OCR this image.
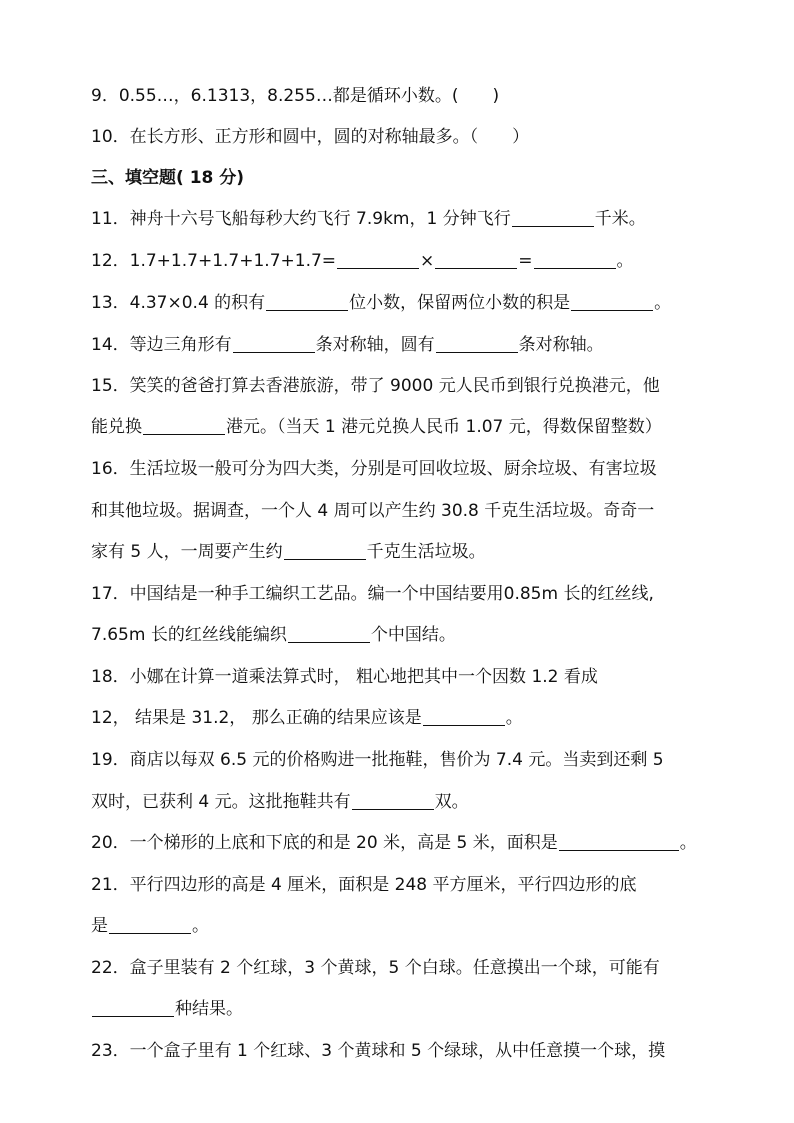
9．0.55…，6.1313，8.255…都是循环小数。( )
10．在长方形、正方形和圆中，圆的对称轴最多。（ ）
三、填空题( 18 分)
11．神舟十六号飞船每秒大约飞行 7.9km，1 分钟飞行	千米。
12．1.7+1.7+1.7+1.7+1.7=	×	=	。
13．4.37×0.4 的积有	位小数，保留两位小数的积是	。
14．等边三角形有	条对称轴，圆有	条对称轴。
15．笑笑的爸爸打算去香港旅游，带了 9000 元人民币到银行兑换港元，他
能兑换	港元。（当天 1 港元兑换人民币 1.07 元，得数保留整数）
16．生活垃圾一般可分为四大类，分别是可回收垃圾、厨余垃圾、有害垃圾
和其他垃圾。据调查，一个人 4 周可以产生约 30.8 千克生活垃圾。奇奇一
家有 5 人，一周要产生约	千克生活垃圾。
17．中国结是一种手工编织工艺品。编一个中国结要用0.85m 长的红丝线,
7.65m 长的红丝线能编织	个中国结。
18．小娜在计算一道乘法算式时， 粗心地把其中一个因数 1.2 看成
12， 结果是 31.2， 那么正确的结果应该是	。
19．商店以每双 6.5 元的价格购进一批拖鞋，售价为 7.4 元。当卖到还剩 5
双时，已获利 4 元。这批拖鞋共有	双。
20．一个梯形的上底和下底的和是 20 米，高是 5 米，面积是	。
21．平行四边形的高是 4 厘米，面积是 248 平方厘米，平行四边形的底
是	。
22．盒子里装有 2 个红球，3 个黄球，5 个白球。任意摸出一个球，可能有
种结果。
23．一个盒子里有 1 个红球、3 个黄球和 5 个绿球，从中任意摸一个球，摸
